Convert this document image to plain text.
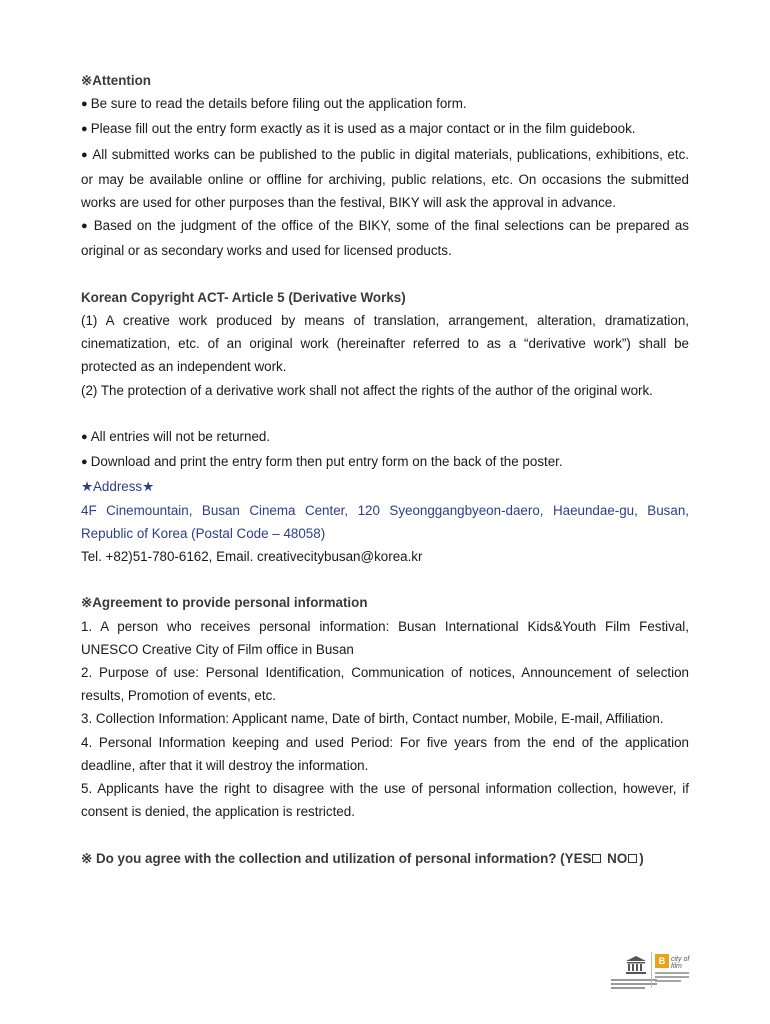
※Attention

● Be sure to read the details before filing out the application form.

● Please fill out the entry form exactly as it is used as a major contact or in the film guidebook.

● All submitted works can be published to the public in digital materials, publications, exhibitions, etc. or may be available online or offline for archiving, public relations, etc. On occasions the submitted works are used for other purposes than the festival, BIKY will ask the approval in advance.

● Based on the judgment of the office of the BIKY, some of the final selections can be prepared as original or as secondary works and used for licensed products.

Korean Copyright ACT- Article 5 (Derivative Works)

(1) A creative work produced by means of translation, arrangement, alteration, dramatization, cinematization, etc. of an original work (hereinafter referred to as a “derivative work”) shall be protected as an independent work.

(2) The protection of a derivative work shall not affect the rights of the author of the original work.

● All entries will not be returned.

● Download and print the entry form then put entry form on the back of the poster.

★Address★

4F Cinemountain, Busan Cinema Center, 120 Syeonggangbyeon-daero, Haeundae-gu, Busan, Republic of Korea (Postal Code – 48058)

Tel. +82)51-780-6162, Email. creativecitybusan@korea.kr

※Agreement to provide personal information

1. A person who receives personal information: Busan International Kids&Youth Film Festival, UNESCO Creative City of Film office in Busan

2. Purpose of use: Personal Identification, Communication of notices, Announcement of selection results, Promotion of events, etc.

3. Collection Information: Applicant name, Date of birth, Contact number, Mobile, E-mail, Affiliation.

4. Personal Information keeping and used Period: For five years from the end of the application deadline, after that it will destroy the information.

5. Applicants have the right to disagree with the use of personal information collection, however, if consent is denied, the application is restricted.

※ Do you agree with the collection and utilization of personal information? (YES NO )

B city of film
